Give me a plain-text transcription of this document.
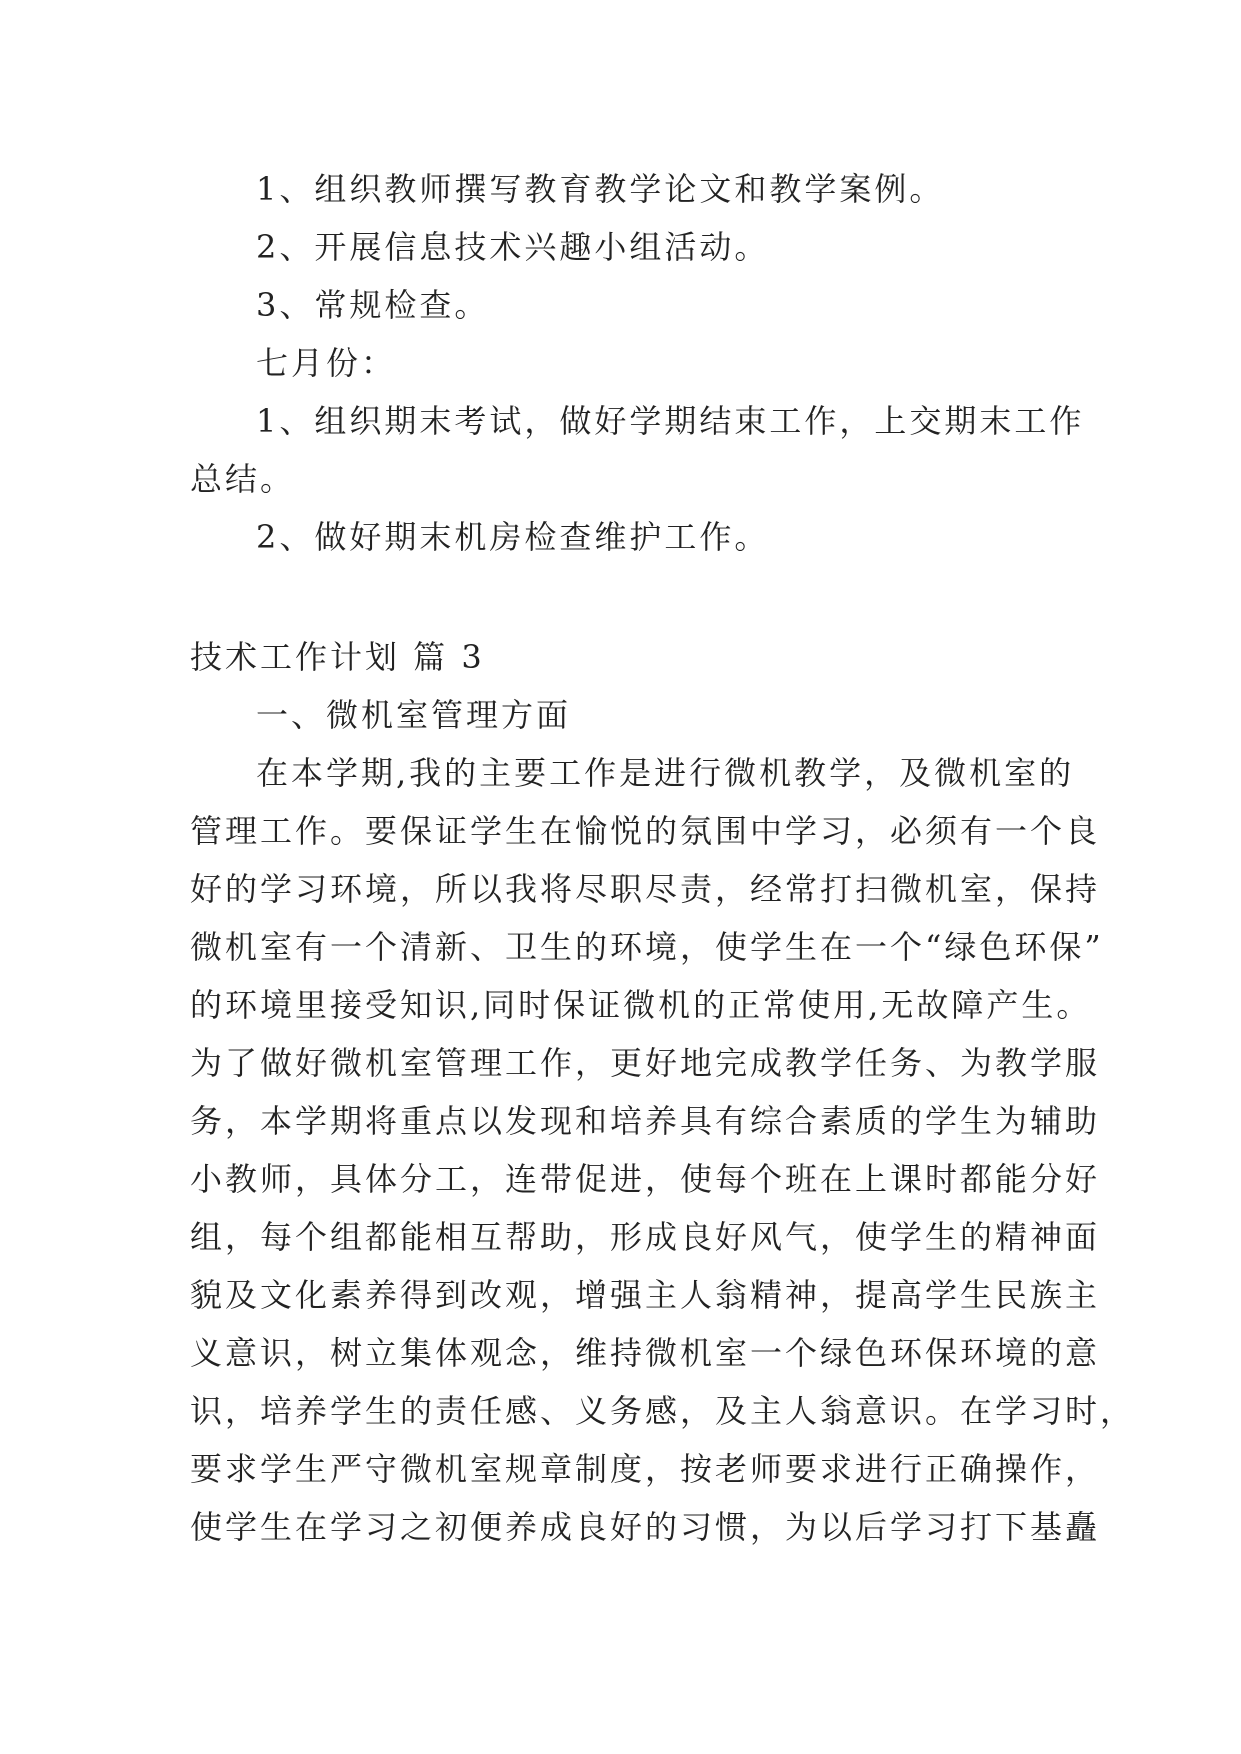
1、组织教师撰写教育教学论文和教学案例。

2、开展信息技术兴趣小组活动。

3、常规检查。

七月份：

1、组织期末考试，做好学期结束工作，上交期末工作

总结。

2、做好期末机房检查维护工作。

技术工作计划 篇 3

一、微机室管理方面

在本学期,我的主要工作是进行微机教学，及微机室的

管理工作。要保证学生在愉悦的氛围中学习，必须有一个良

好的学习环境，所以我将尽职尽责，经常打扫微机室，保持

微机室有一个清新、卫生的环境，使学生在一个“绿色环保”

的环境里接受知识,同时保证微机的正常使用,无故障产生。

为了做好微机室管理工作，更好地完成教学任务、为教学服

务，本学期将重点以发现和培养具有综合素质的学生为辅助

小教师，具体分工，连带促进，使每个班在上课时都能分好

组，每个组都能相互帮助，形成良好风气，使学生的精神面

貌及文化素养得到改观，增强主人翁精神，提高学生民族主

义意识，树立集体观念，维持微机室一个绿色环保环境的意

识，培养学生的责任感、义务感，及主人翁意识。在学习时，

要求学生严守微机室规章制度，按老师要求进行正确操作，

使学生在学习之初便养成良好的习惯，为以后学习打下基矗
